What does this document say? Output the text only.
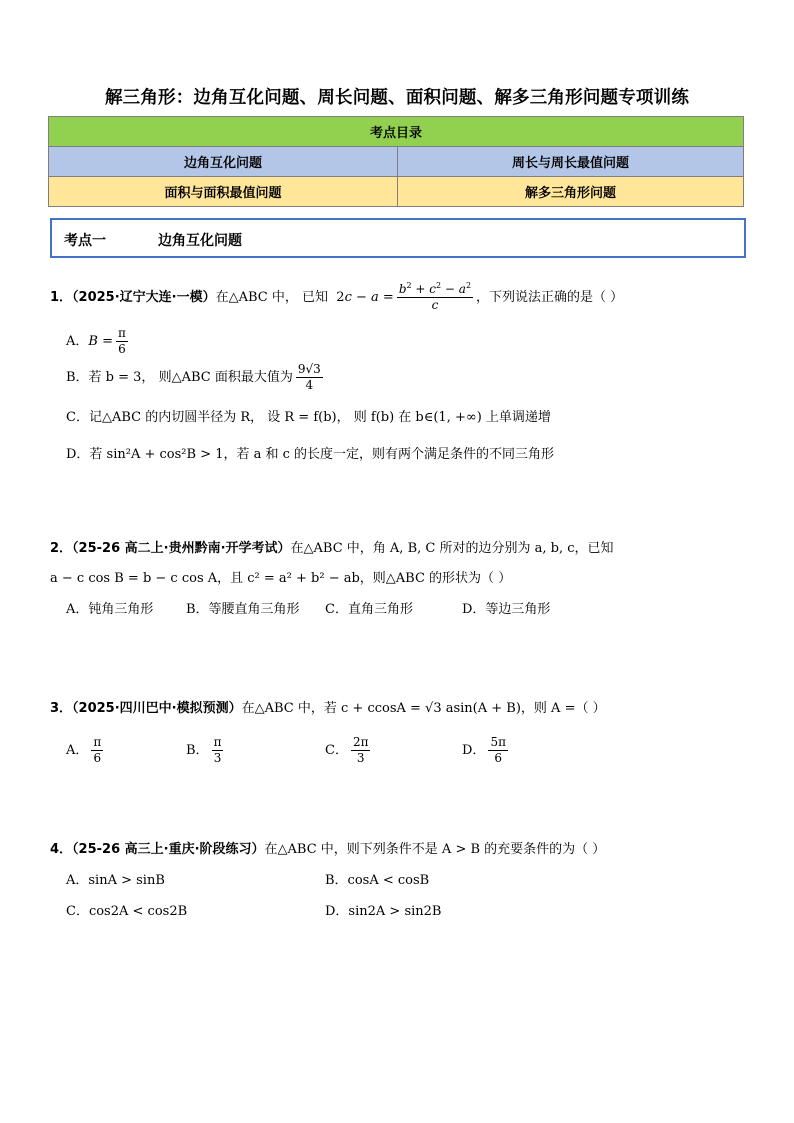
解三角形：边角互化问题、周长问题、面积问题、解多三角形问题专项训练
考点目录	
边角互化问题	周长与周长最值问题
面积与面积最值问题	解多三角形问题
考点一	边角互化问题
1．（2025·辽宁大连·一模）在△ABC 中， 已知  $2c - a = \frac{b^2 + c^2 - a^2}{c}$ ，下列说法正确的是（ ）
A．$B = \frac{\pi}{6}$
B．若 b = 3， 则△ABC 面积最大值为 $\frac{9√3}{4}$
C．记△ABC 的内切圆半径为 R， 设 R = f(b)， 则 f(b) 在 b∈(1, +∞) 上单调递增
D．若 sin²A + cos²B > 1，若 a 和 c 的长度一定，则有两个满足条件的不同三角形
2．（25-26 高二上·贵州黔南·开学考试）在△ABC 中，角 A, B, C 所对的边分别为 a, b, c，已知
a − c cos B = b − c cos A，且 c² = a² + b² − ab，则△ABC 的形状为（ ）
A．钝角三角形	B．等腰直角三角形 C．直角三角形	D．等边三角形
3．（2025·四川巴中·模拟预测）在△ABC 中，若 c + ccosA = √3 asin(A + B)，则 A =（ ）
A． $\frac{\pi}{6}$	B． $\frac{\pi}{3}$	C． $\frac{2\pi}{3}$	D． $\frac{5\pi}{6}$
4．（25-26 高三上·重庆·阶段练习）在△ABC 中，则下列条件不是 A > B 的充要条件的为（ ）
A．sinA > sinB	B．cosA < cosB
C．cos2A < cos2B	D．sin2A > sin2B
